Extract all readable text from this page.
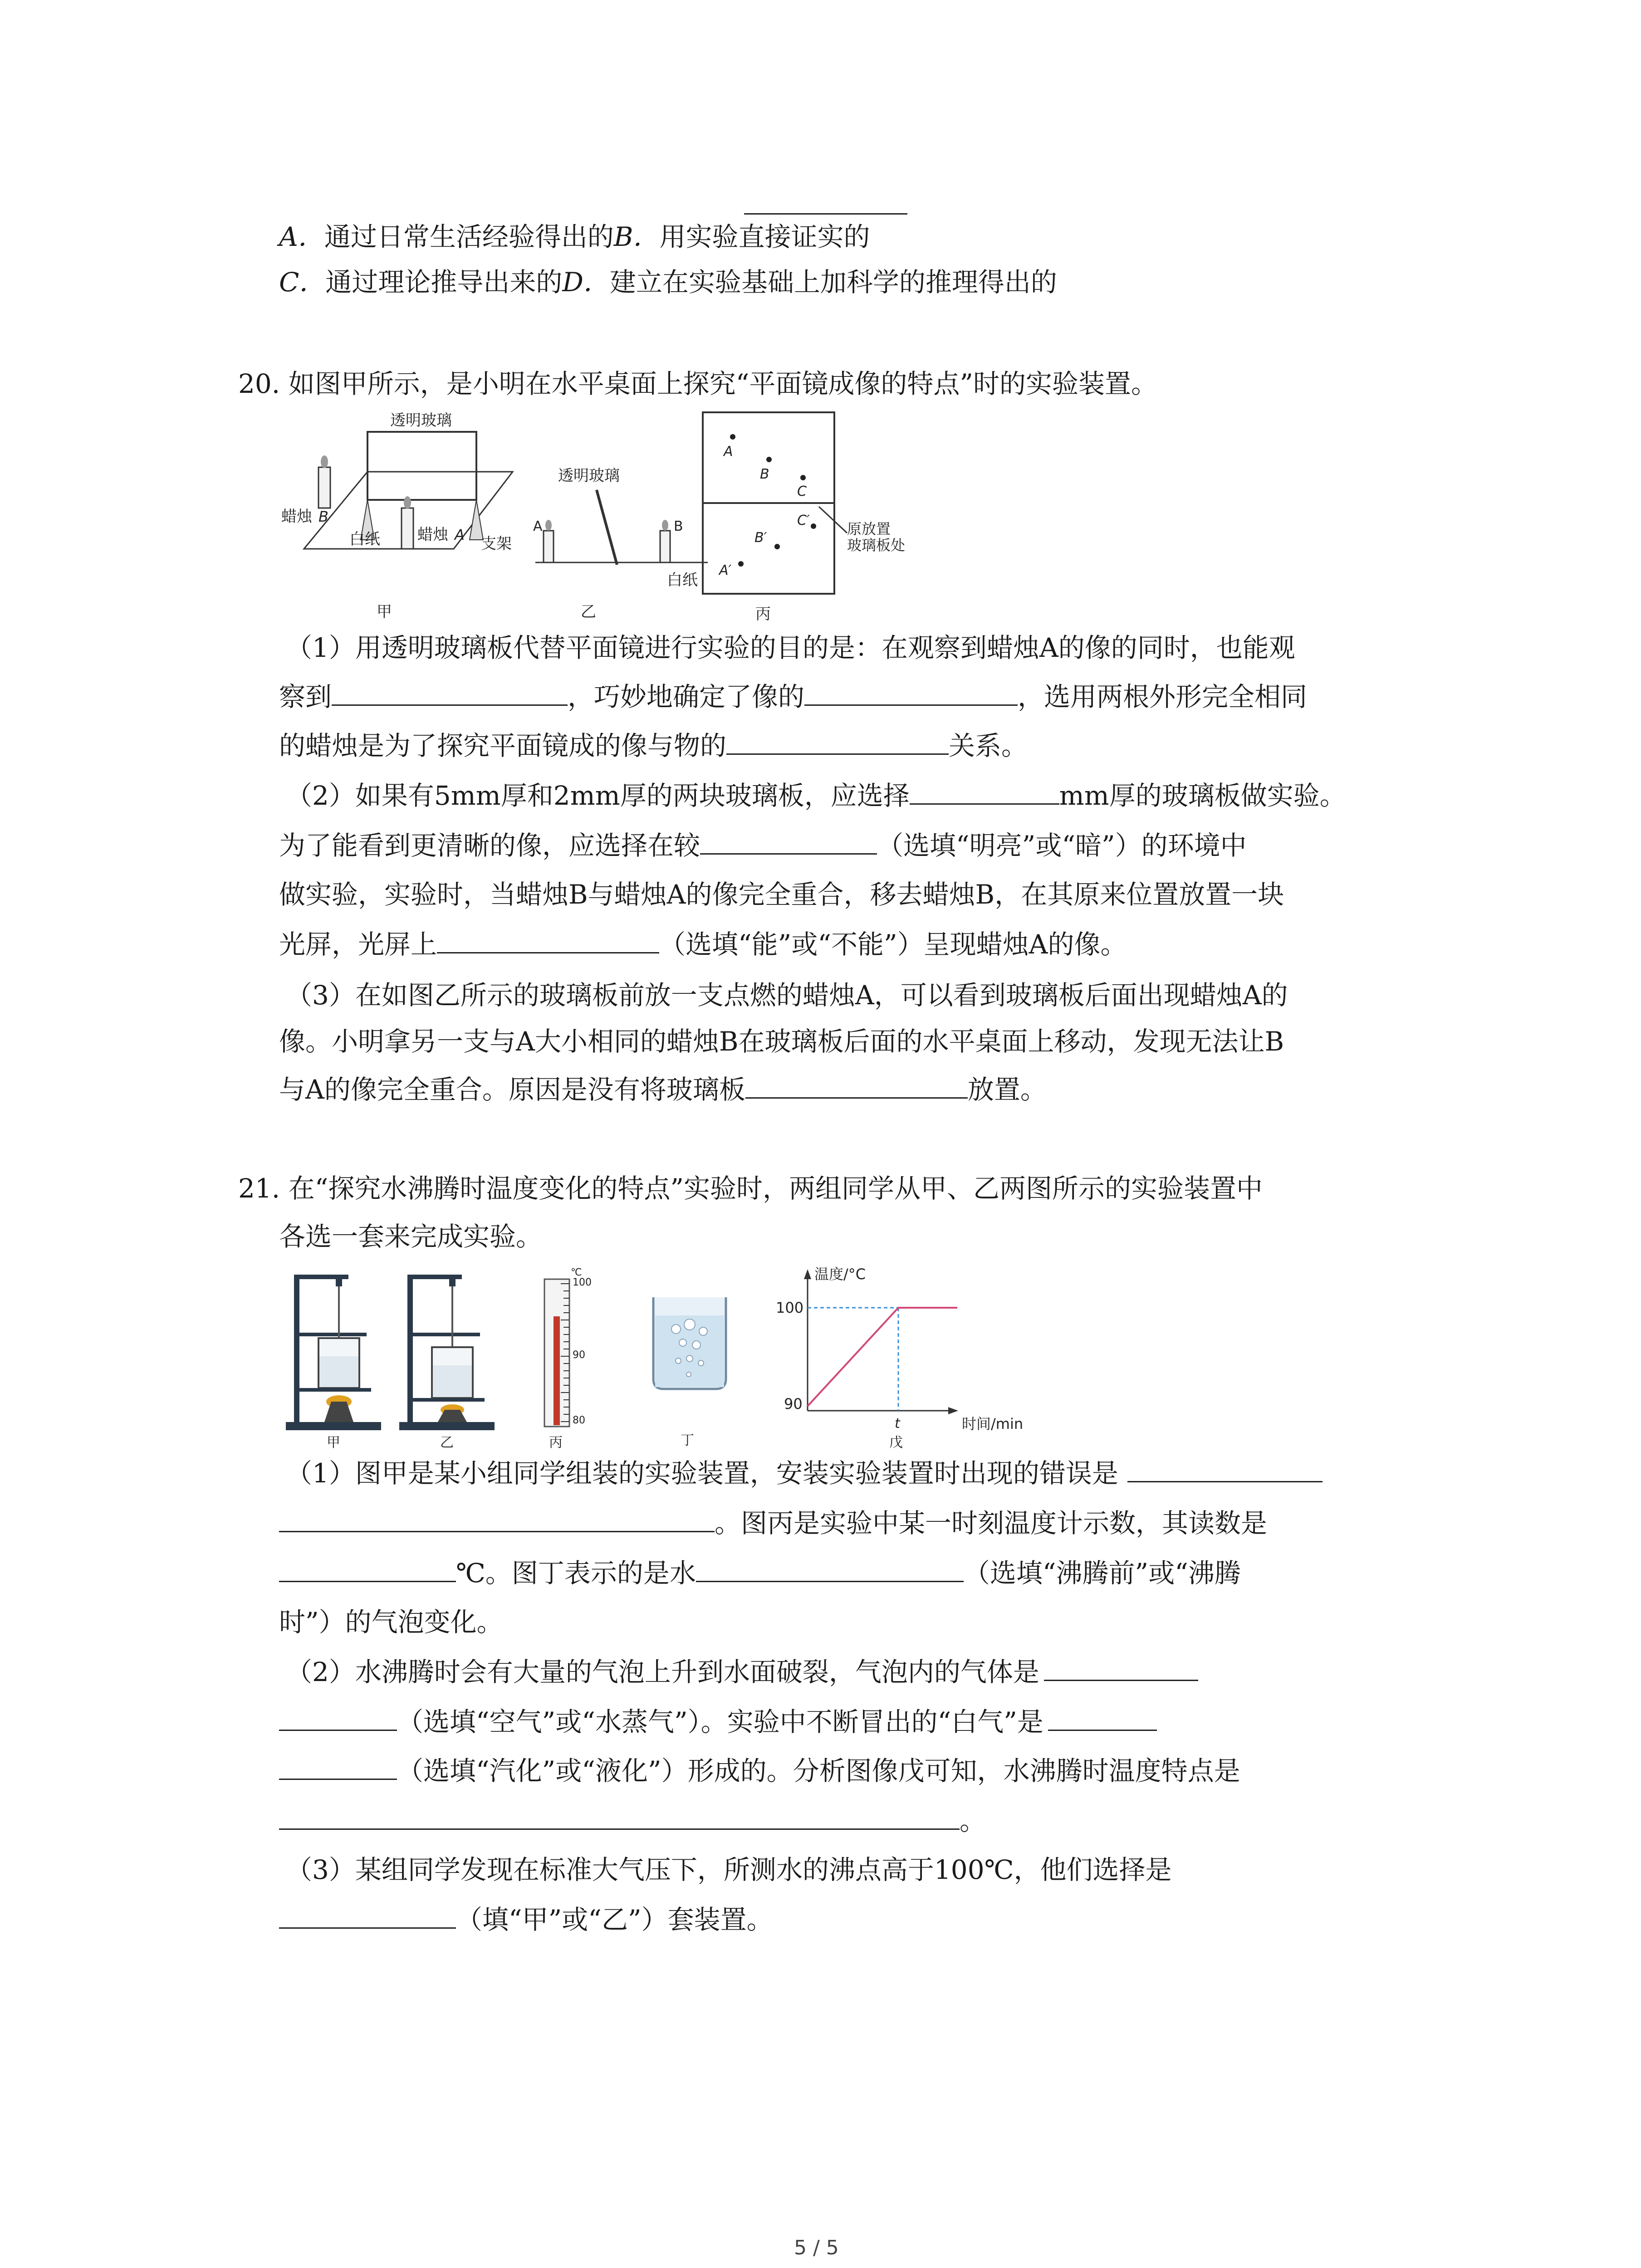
A．通过日常生活经验得出的B．用实验直接证实的
C．通过理论推导出来的D．建立在实验基础上加科学的推理得出的
20. 如图甲所示，是小明在水平桌面上探究“平面镜成像的特点”时的实验装置。
透明玻璃
蜡烛 B
白纸 蜡烛 A 支架
甲
透明玻璃
A	B
白纸
乙
A
B
C
C′
B′
A′
原放置
玻璃板处
丙
（1）用透明玻璃板代替平面镜进行实验的目的是：在观察到蜡烛A的像的同时，也能观
察到	，巧妙地确定了像的	，选用两根外形完全相同
的蜡烛是为了探究平面镜成的像与物的	关系。
（2）如果有5mm厚和2mm厚的两块玻璃板，应选择	mm厚的玻璃板做实验。
为了能看到更清晰的像，应选择在较	（选填“明亮”或“暗”）的环境中
做实验，实验时，当蜡烛B与蜡烛A的像完全重合，移去蜡烛B，在其原来位置放置一块
光屏，光屏上	（选填“能”或“不能”）呈现蜡烛A的像。
（3）在如图乙所示的玻璃板前放一支点燃的蜡烛A，可以看到玻璃板后面出现蜡烛A的
像。小明拿另一支与A大小相同的蜡烛B在玻璃板后面的水平桌面上移动，发现无法让B
与A的像完全重合。原因是没有将玻璃板	放置。
21. 在“探究水沸腾时温度变化的特点”实验时，两组同学从甲、乙两图所示的实验装置中
各选一套来完成实验。
甲	乙
℃
100
90
80
丙	丁
温度/°C
时间/min
100
90
t
戊
（1）图甲是某小组同学组装的实验装置，安装实验装置时出现的错误是
。图丙是实验中某一时刻温度计示数，其读数是
℃。图丁表示的是水	（选填“沸腾前”或“沸腾
时”）的气泡变化。
（2）水沸腾时会有大量的气泡上升到水面破裂，气泡内的气体是
（选填“空气”或“水蒸气”）。实验中不断冒出的“白气”是
（选填“汽化”或“液化”）形成的。分析图像戊可知，水沸腾时温度特点是
。
（3）某组同学发现在标准大气压下，所测水的沸点高于100℃，他们选择是
（填“甲”或“乙”）套装置。
5 / 5
